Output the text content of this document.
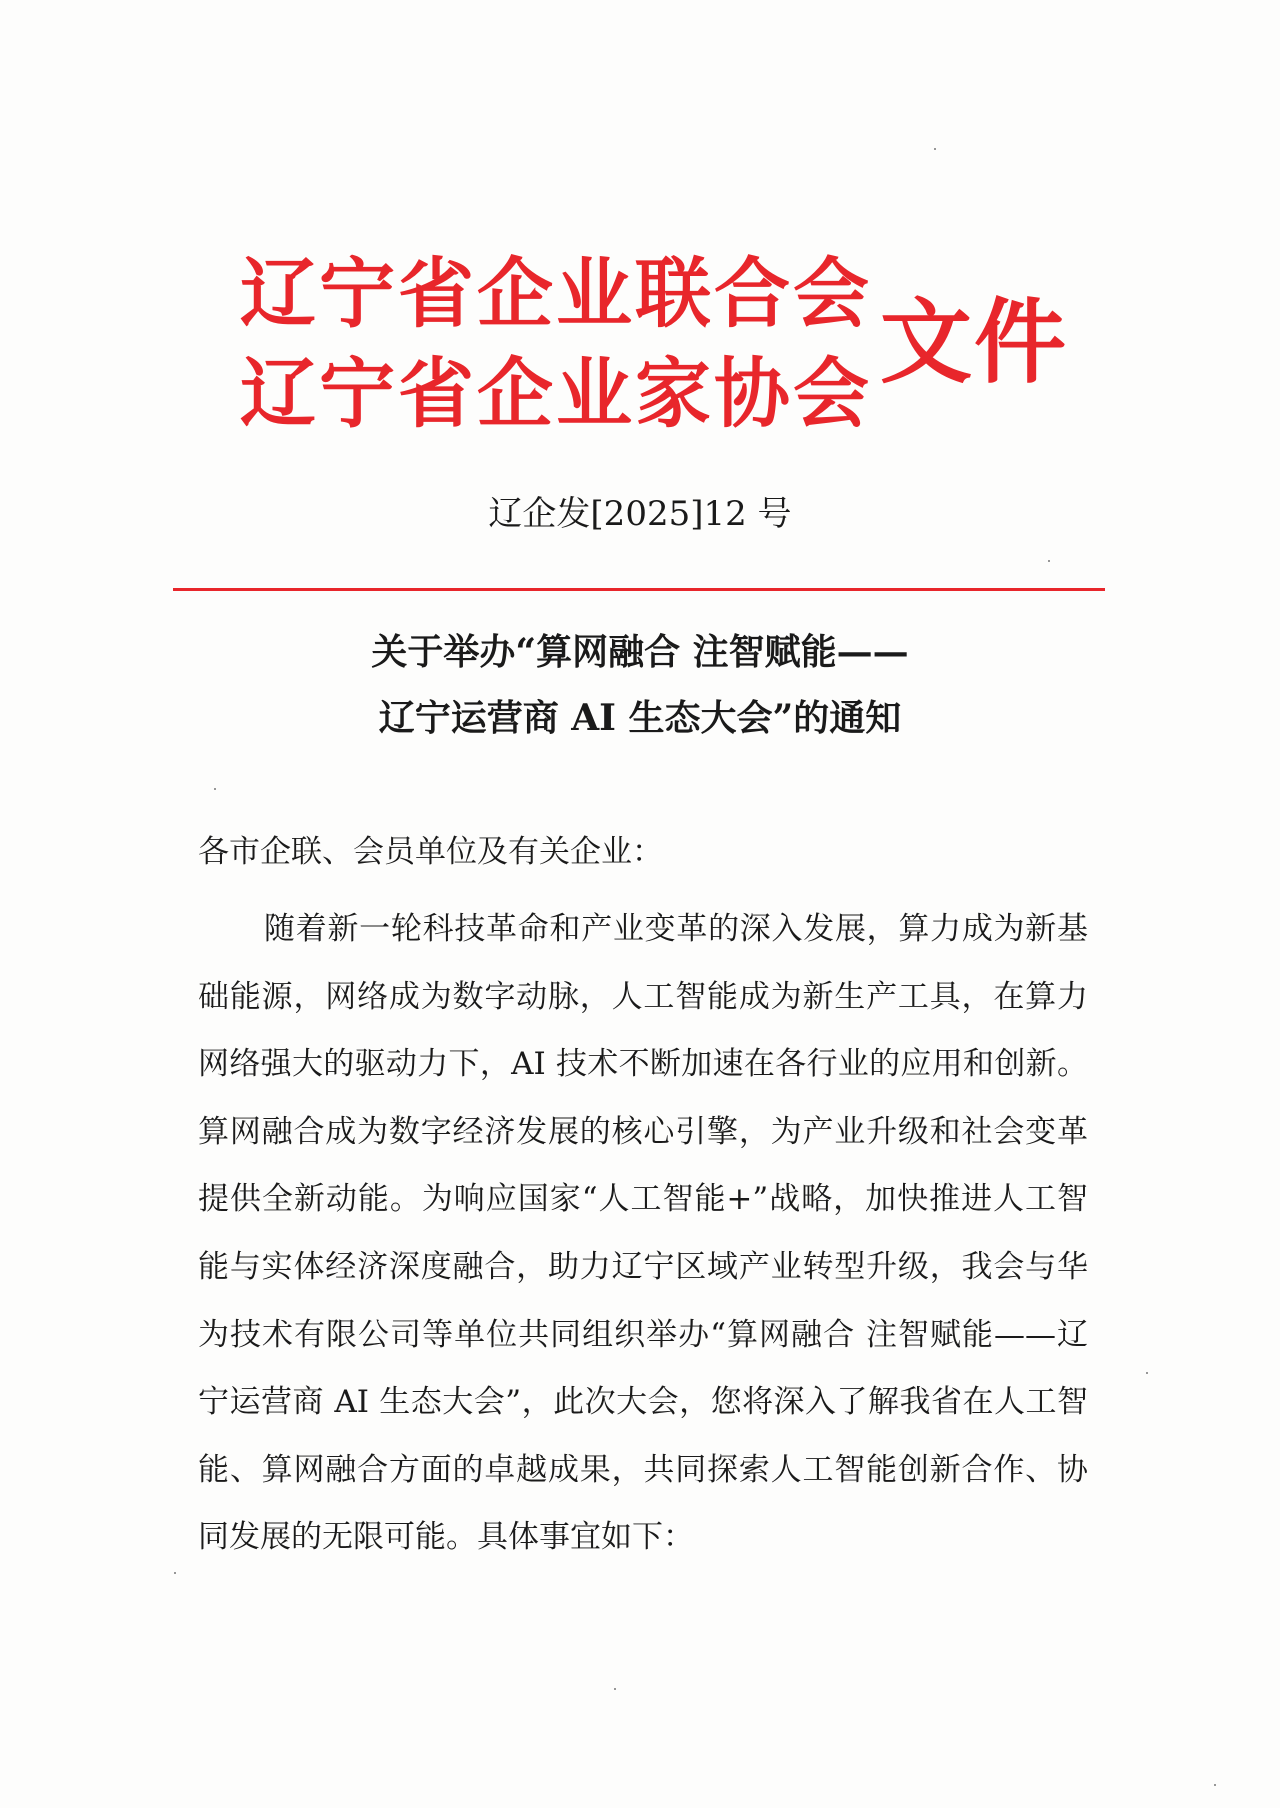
辽宁省企业联合会
辽宁省企业家协会 文件
辽企发[2025]12 号
关于举办“算网融合 注智赋能——
辽宁运营商 AI 生态大会”的通知
各市企联、会员单位及有关企业：

随着新一轮科技革命和产业变革的深入发展，算力成为新基础能源，网络成为数字动脉，人工智能成为新生产工具，在算力网络强大的驱动力下，AI 技术不断加速在各行业的应用和创新。算网融合成为数字经济发展的核心引擎，为产业升级和社会变革提供全新动能。为响应国家“人工智能+”战略，加快推进人工智能与实体经济深度融合，助力辽宁区域产业转型升级，我会与华为技术有限公司等单位共同组织举办“算网融合 注智赋能——辽宁运营商 AI 生态大会”，此次大会，您将深入了解我省在人工智能、算网融合方面的卓越成果，共同探索人工智能创新合作、协同发展的无限可能。具体事宜如下：
